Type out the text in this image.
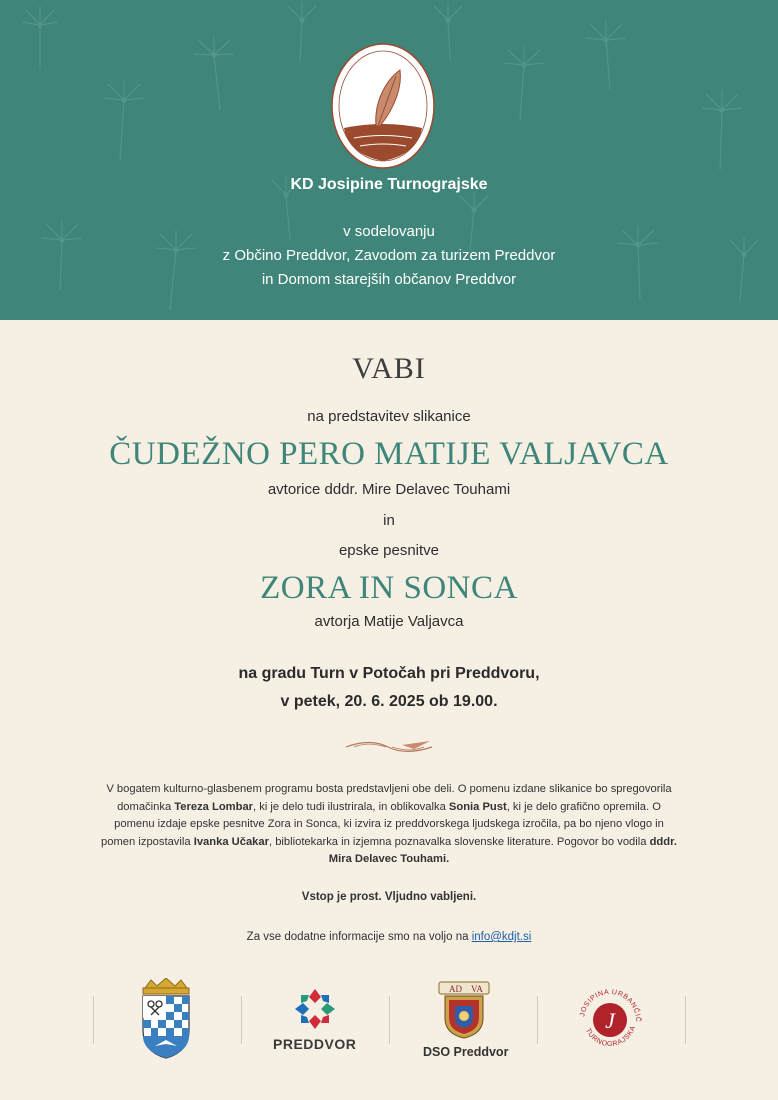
KD Josipine Turnograjske
v sodelovanju
z Občino Preddvor, Zavodom za turizem Preddvor
in Domom starejših občanov Preddvor
VABI
na predstavitev slikanice
ČUDEŽNO PERO MATIJE VALJAVCA
avtorice dddr. Mire Delavec Touhami
in
epske pesnitve
ZORA IN SONCA
avtorja Matije Valjavca
na gradu Turn v Potočah pri Preddvoru,
v petek, 20. 6. 2025 ob 19.00.
V bogatem kulturno-glasbenem programu bosta predstavljeni obe deli. O pomenu izdane slikanice bo spregovorila domačinka Tereza Lombar, ki je delo tudi ilustrirala, in oblikovalka Sonia Pust, ki je delo grafično opremila. O pomenu izdaje epske pesnitve Zora in Sonca, ki izvira iz preddvorskega ljudskega izročila, pa bo njeno vlogo in pomen izpostavila Ivanka Učakar, bibliotekarka in izjemna poznavalka slovenske literature. Pogovor bo vodila dddr. Mira Delavec Touhami.
Vstop je prost. Vljudno vabljeni.
Za vse dodatne informacije smo na voljo na info@kdjt.si
PREDDVOR
AD VA
DSO Preddvor
JOSIPINA URBANČIČ
TURNOGRAJSKA
J
